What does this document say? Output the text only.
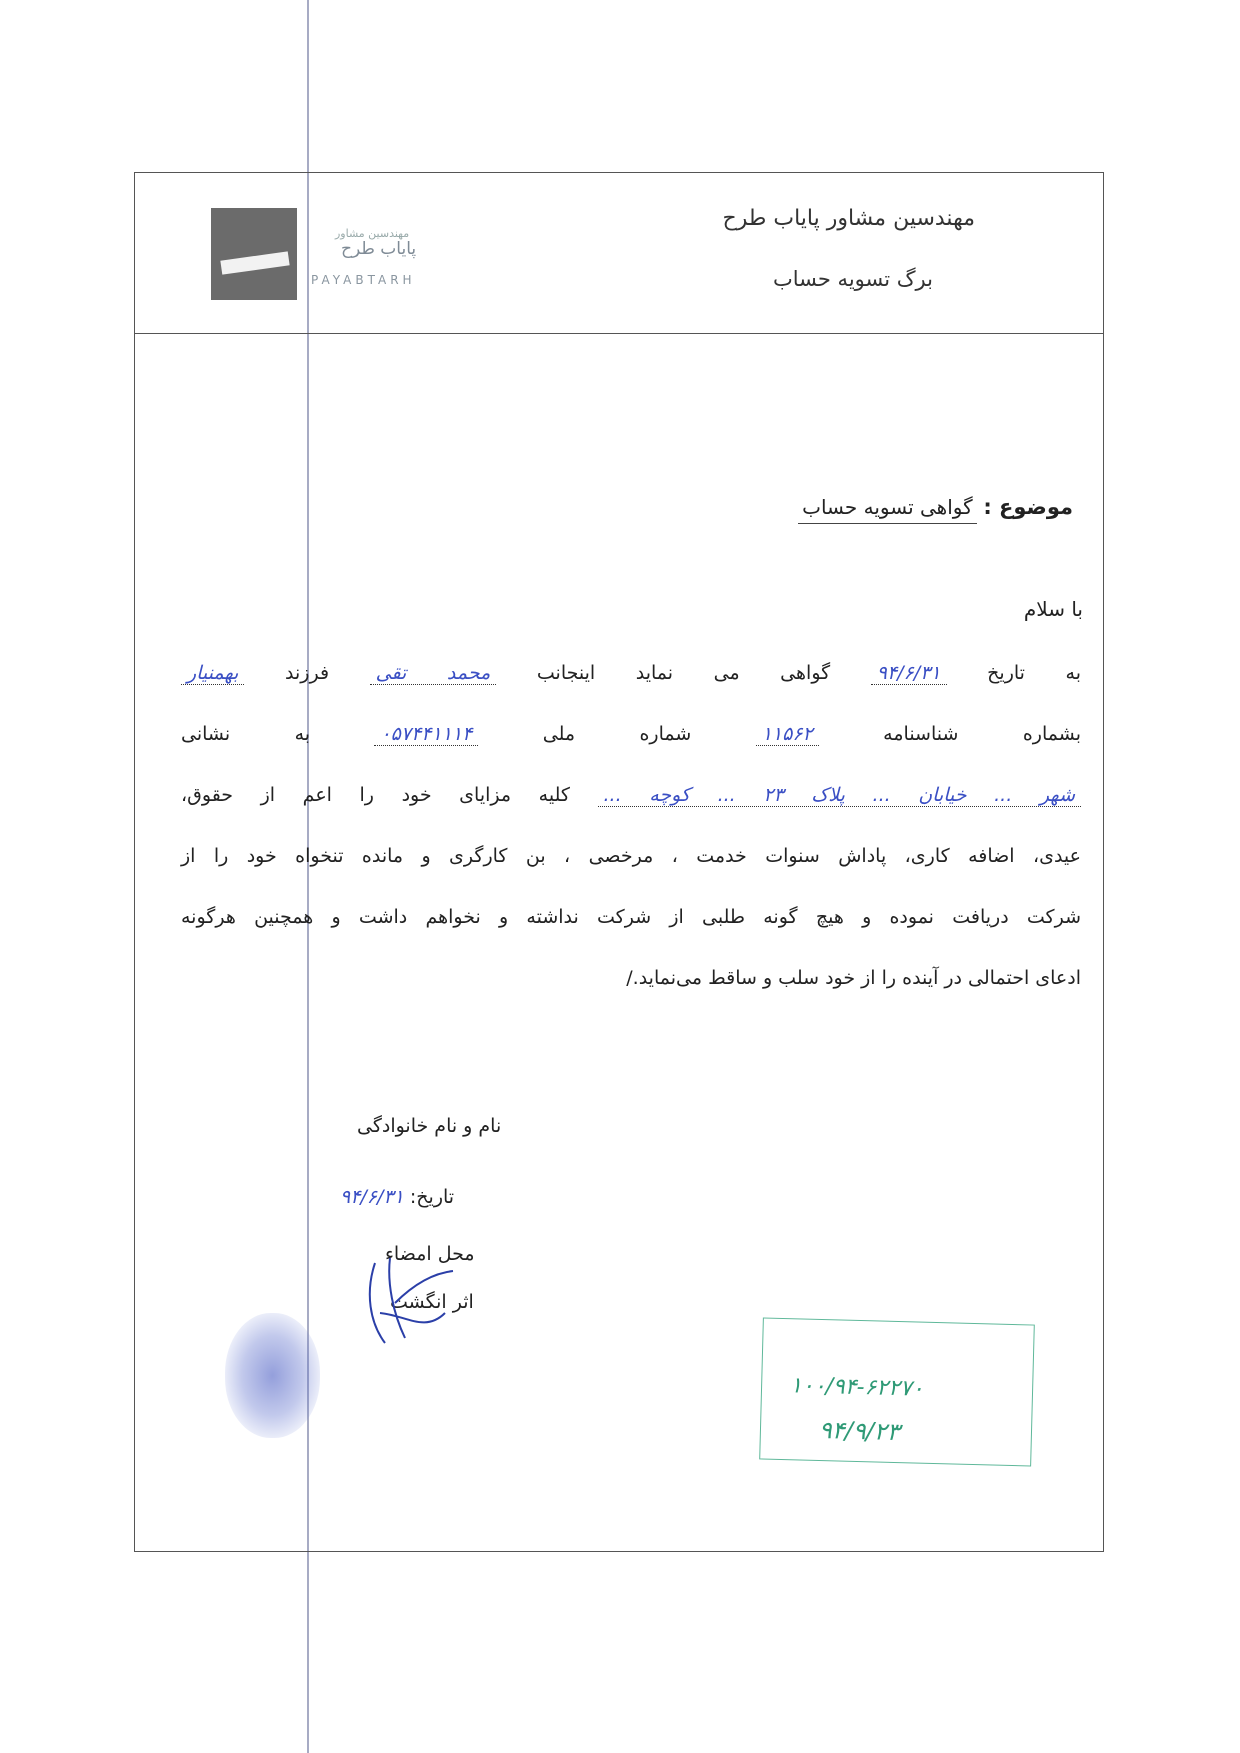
مهندسین مشاور
پایاب طرح
PAYABTARH
مهندسین مشاور پایاب طرح
برگ تسویه حساب
موضوع : گواهی تسویه حساب
با سلام
به تاریخ ۹۴/۶/۳۱ گواهی می نماید اینجانب محمد تقی فرزند بهمنیار
بشماره شناسنامه ۱۱۵۶۲ شماره ملی ۰۵۷۴۴۱۱۱۴ به نشانی
شهر ... خیابان ... پلاک ۲۳ ... کوچه ... کلیه مزایای خود را اعم از حقوق،
عیدی، اضافه کاری، پاداش سنوات خدمت ، مرخصی ، بن کارگری و مانده تنخواه خود را از
شرکت دریافت نموده و هیچ گونه طلبی از شرکت نداشته و نخواهم داشت و همچنین هرگونه
ادعای احتمالی در آینده را از خود سلب و ساقط می‌نماید./
نام و نام خانوادگی
تاریخ: ۹۴/۶/۳۱
محل امضاء
اثر انگشت
۱۰۰/۹۴-۶۲۲۷۰
۹۴/۹/۲۳
